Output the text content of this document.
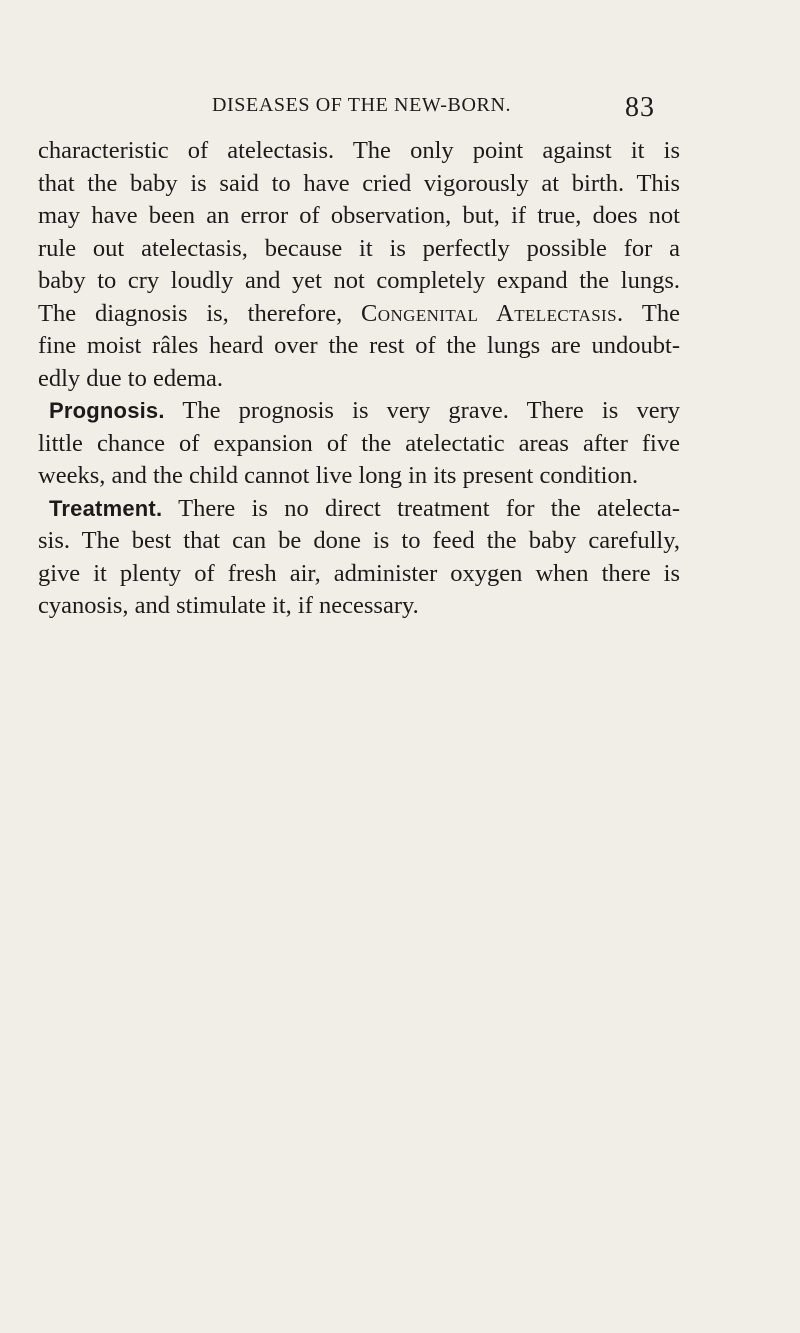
DISEASES OF THE NEW-BORN.	83
characteristic of atelectasis. The only point against it is
that the baby is said to have cried vigorously at birth. This
may have been an error of observation, but, if true, does not
rule out atelectasis, because it is perfectly possible for a
baby to cry loudly and yet not completely expand the lungs.
The diagnosis is, therefore, Congenital Atelectasis. The
fine moist râles heard over the rest of the lungs are undoubt-
edly due to edema.
Prognosis. The prognosis is very grave. There is very
little chance of expansion of the atelectatic areas after five
weeks, and the child cannot live long in its present condition.
Treatment. There is no direct treatment for the atelecta-
sis. The best that can be done is to feed the baby carefully,
give it plenty of fresh air, administer oxygen when there is
cyanosis, and stimulate it, if necessary.
